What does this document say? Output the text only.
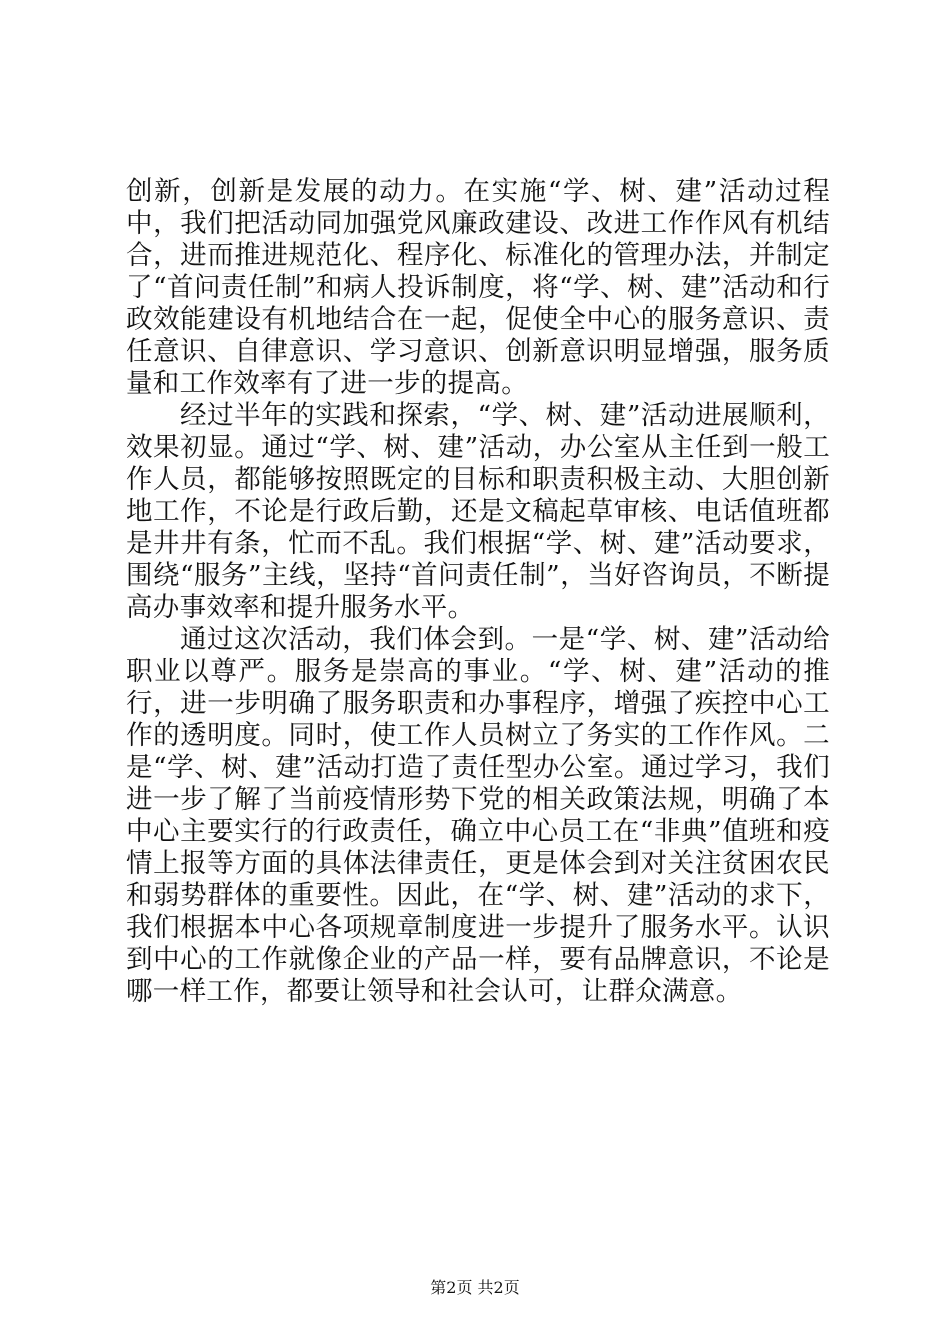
创新，创新是发展的动力。在实施“学、树、建”活动过程中，我们把活动同加强党风廉政建设、改进工作作风有机结合，进而推进规范化、程序化、标准化的管理办法，并制定了“首问责任制”和病人投诉制度，将“学、树、建”活动和行政效能建设有机地结合在一起，促使全中心的服务意识、责任意识、自律意识、学习意识、创新意识明显增强，服务质量和工作效率有了进一步的提高。

经过半年的实践和探索，“学、树、建”活动进展顺利，效果初显。通过“学、树、建”活动，办公室从主任到一般工作人员，都能够按照既定的目标和职责积极主动、大胆创新地工作，不论是行政后勤，还是文稿起草审核、电话值班都是井井有条，忙而不乱。我们根据“学、树、建”活动要求，围绕“服务”主线，坚持“首问责任制”，当好咨询员，不断提高办事效率和提升服务水平。

通过这次活动，我们体会到。一是“学、树、建”活动给职业以尊严。服务是崇高的事业。“学、树、建”活动的推行，进一步明确了服务职责和办事程序，增强了疾控中心工作的透明度。同时，使工作人员树立了务实的工作作风。二是“学、树、建”活动打造了责任型办公室。通过学习，我们进一步了解了当前疫情形势下党的相关政策法规，明确了本中心主要实行的行政责任，确立中心员工在“非典”值班和疫情上报等方面的具体法律责任，更是体会到对关注贫困农民和弱势群体的重要性。因此，在“学、树、建”活动的求下，我们根据本中心各项规章制度进一步提升了服务水平。认识到中心的工作就像企业的产品一样，要有品牌意识，不论是哪一样工作，都要让领导和社会认可，让群众满意。

第2页 共2页
